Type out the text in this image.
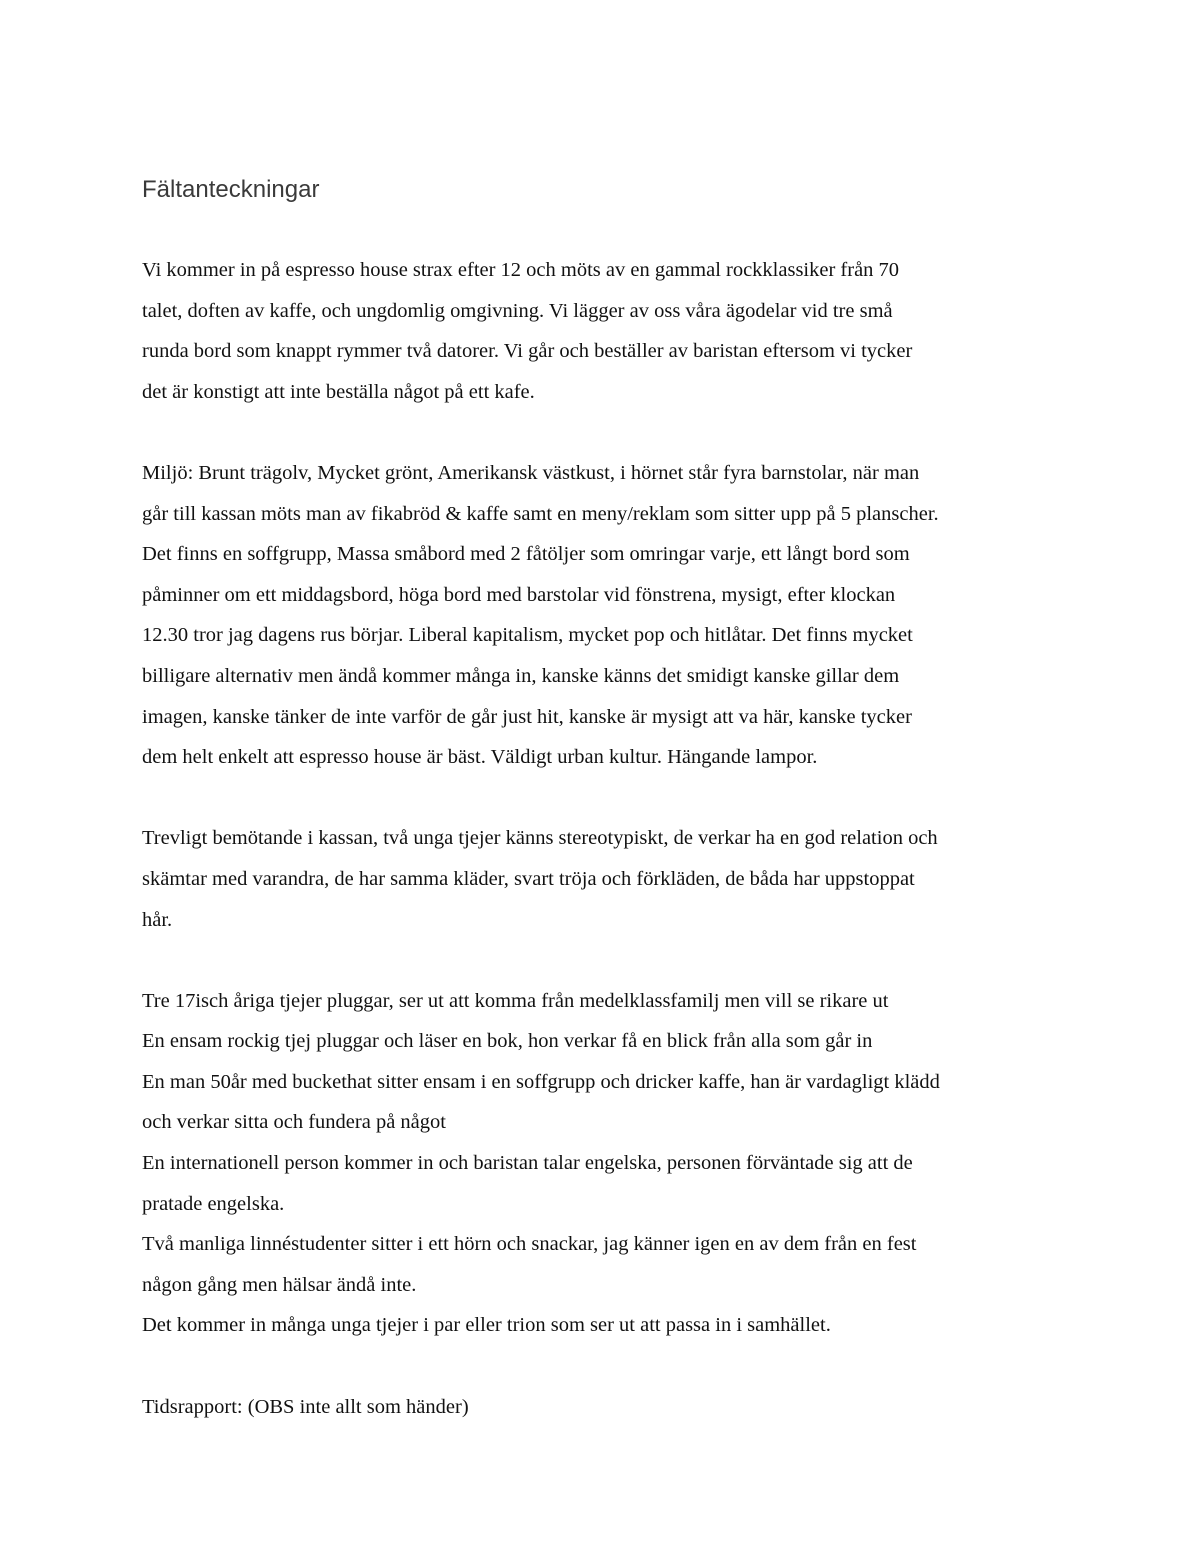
Fältanteckningar

Vi kommer in på espresso house strax efter 12 och möts av en gammal rockklassiker från 70

talet, doften av kaffe, och ungdomlig omgivning. Vi lägger av oss våra ägodelar vid tre små

runda bord som knappt rymmer två datorer. Vi går och beställer av baristan eftersom vi tycker

det är konstigt att inte beställa något på ett kafe.

Miljö: Brunt trägolv, Mycket grönt, Amerikansk västkust, i hörnet står fyra barnstolar, när man

går till kassan möts man av fikabröd & kaffe samt en meny/reklam som sitter upp på 5 planscher.

Det finns en soffgrupp, Massa småbord med 2 fåtöljer som omringar varje, ett långt bord som

påminner om ett middagsbord, höga bord med barstolar vid fönstrena, mysigt, efter klockan

12.30 tror jag dagens rus börjar. Liberal kapitalism, mycket pop och hitlåtar. Det finns mycket

billigare alternativ men ändå kommer många in, kanske känns det smidigt kanske gillar dem

imagen, kanske tänker de inte varför de går just hit, kanske är mysigt att va här, kanske tycker

dem helt enkelt att espresso house är bäst. Väldigt urban kultur. Hängande lampor.

Trevligt bemötande i kassan, två unga tjejer känns stereotypiskt, de verkar ha en god relation och

skämtar med varandra, de har samma kläder, svart tröja och förkläden, de båda har uppstoppat

hår.

Tre 17isch åriga tjejer pluggar, ser ut att komma från medelklassfamilj men vill se rikare ut

En ensam rockig tjej pluggar och läser en bok, hon verkar få en blick från alla som går in

En man 50år med buckethat sitter ensam i en soffgrupp och dricker kaffe, han är vardagligt klädd

och verkar sitta och fundera på något

En internationell person kommer in och baristan talar engelska, personen förväntade sig att de

pratade engelska.

Två manliga linnéstudenter sitter i ett hörn och snackar, jag känner igen en av dem från en fest

någon gång men hälsar ändå inte.

Det kommer in många unga tjejer i par eller trion som ser ut att passa in i samhället.

Tidsrapport: (OBS inte allt som händer)
